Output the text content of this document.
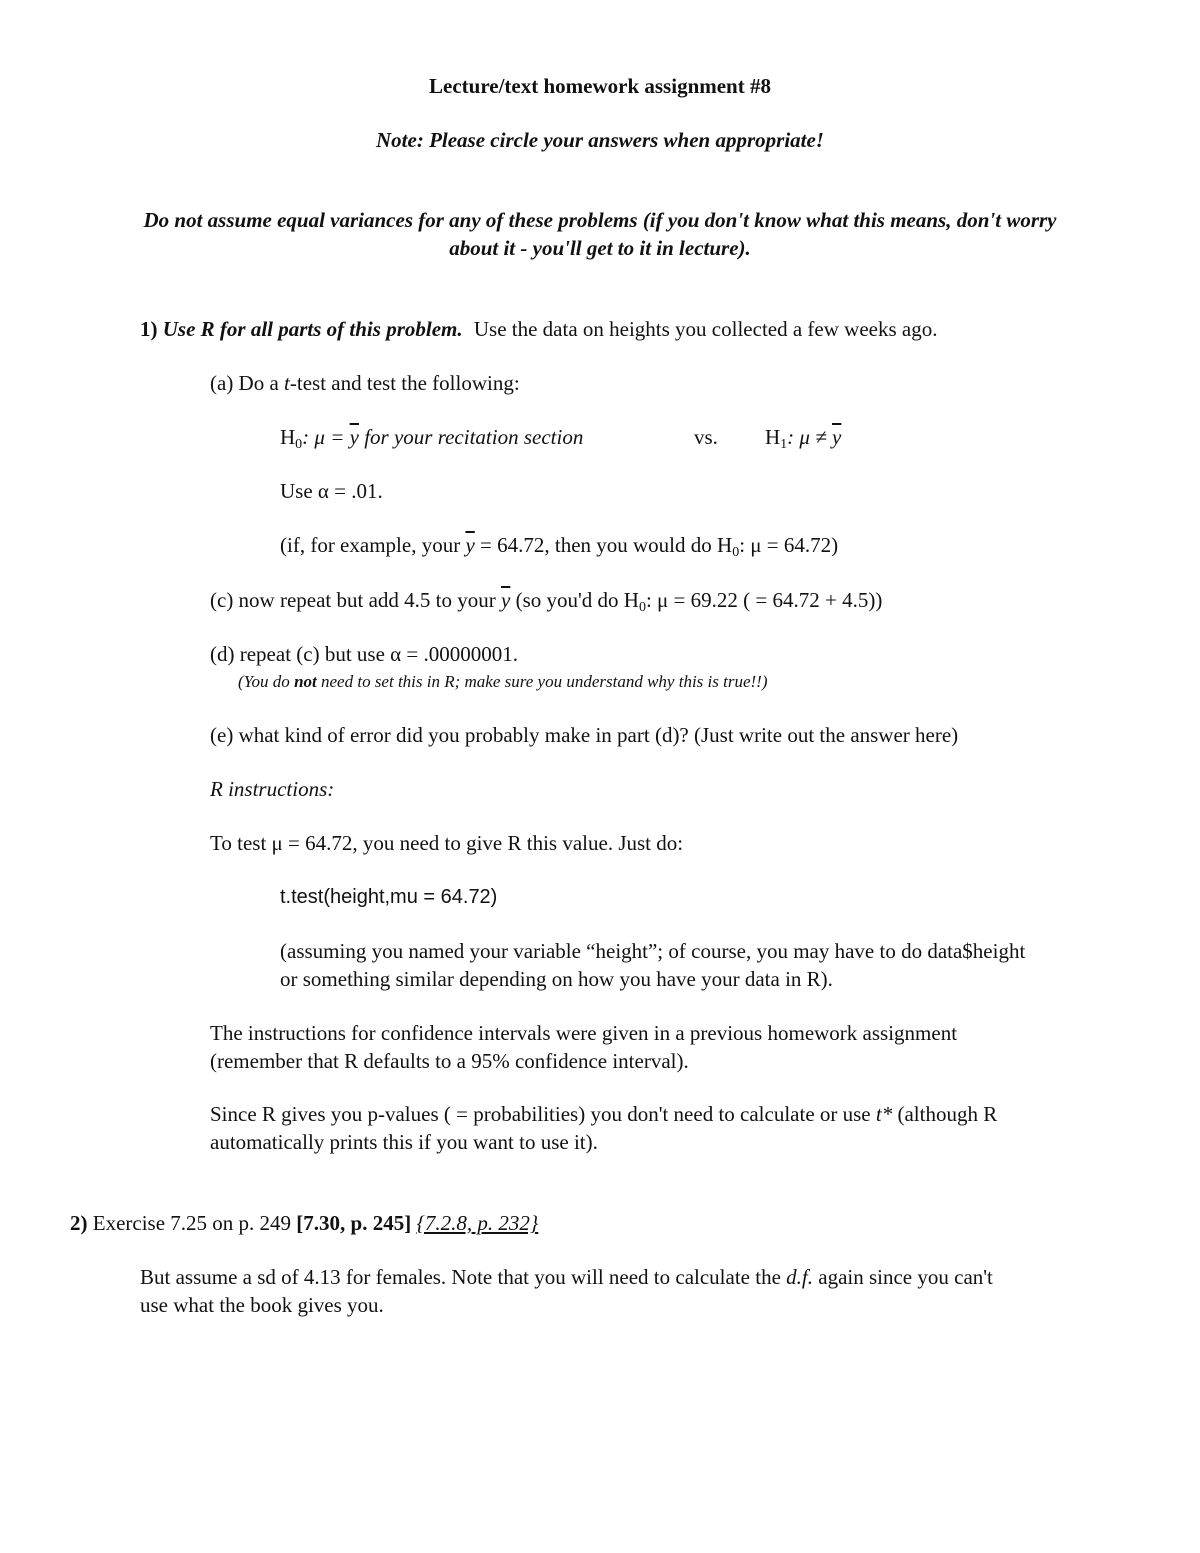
Lecture/text homework assignment #8
Note: Please circle your answers when appropriate!
Do not assume equal variances for any of these problems (if you don't know what this means, don't worry
about it - you'll get to it in lecture).
1) Use R for all parts of this problem. Use the data on heights you collected a few weeks ago.
(a) Do a t-test and test the following:
$H_0$: $\mu = \overline{y}$ for your recitation section	vs. $H_1$: $\mu \ne \overline{y}$
Use α = .01.
(if, for example, your $\overline{y} = 64.72$, then you would do $H_0$: μ = 64.72)
(c) now repeat but add 4.5 to your $\overline{y}$ (so you'd do $H_0$: μ = 69.22 ( = 64.72 + 4.5))
(d) repeat (c) but use α = .00000001.
(You do not need to set this in R; make sure you understand why this is true!!)
(e) what kind of error did you probably make in part (d)? (Just write out the answer here)
R instructions:
To test μ = 64.72, you need to give R this value. Just do:
t.test(height,mu = 64.72)
(assuming you named your variable “height”; of course, you may have to do data$height
or something similar depending on how you have your data in R).
The instructions for confidence intervals were given in a previous homework assignment
(remember that R defaults to a 95% confidence interval).
Since R gives you p-values ( = probabilities) you don't need to calculate or use t* (although R
automatically prints this if you want to use it).
2) Exercise 7.25 on p. 249 [7.30, p. 245] {7.2.8, p. 232}
But assume a sd of 4.13 for females. Note that you will need to calculate the d.f. again since you can't
use what the book gives you.
